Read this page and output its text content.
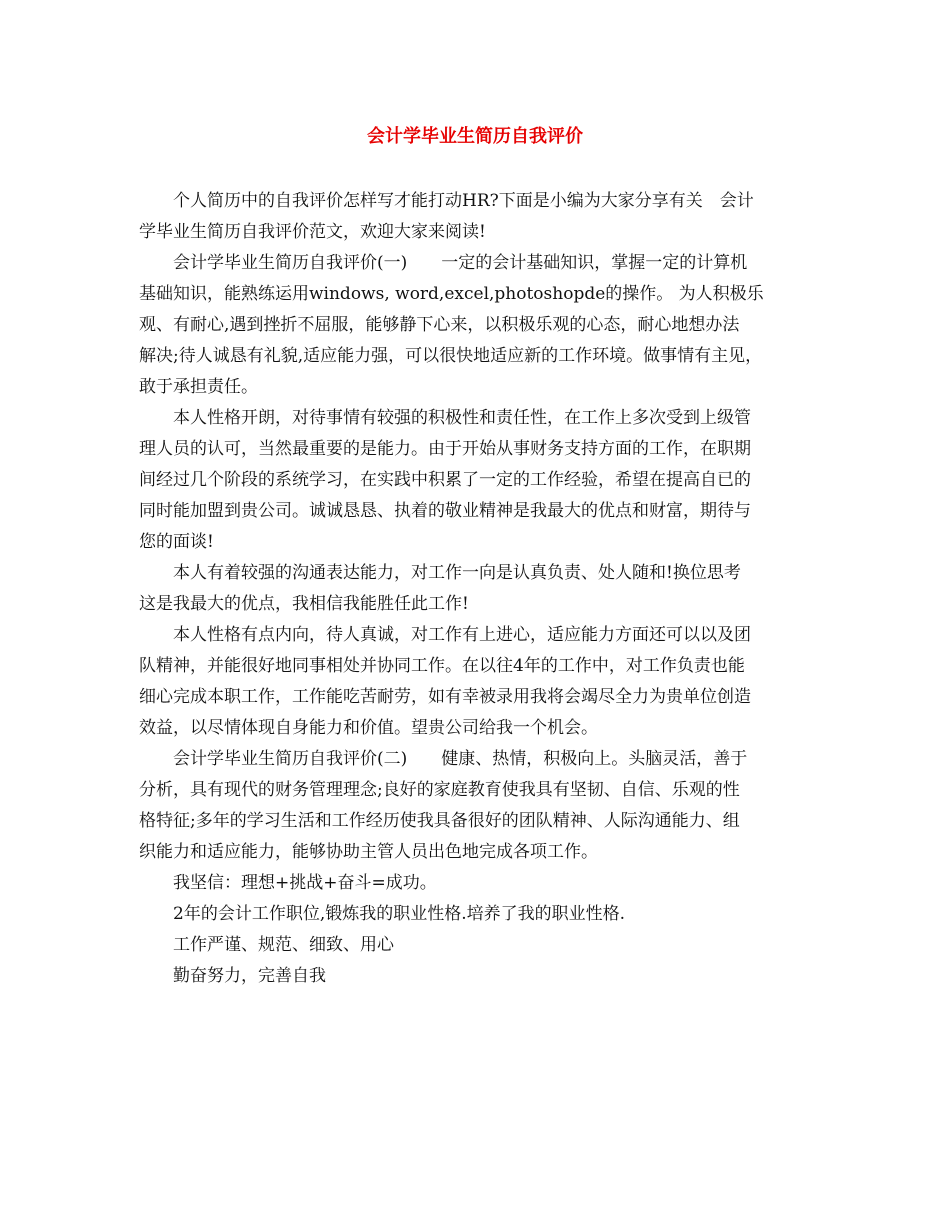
会计学毕业生简历自我评价

个人简历中的自我评价怎样写才能打动HR?下面是小编为大家分享有关　会计
学毕业生简历自我评价范文，欢迎大家来阅读!

会计学毕业生简历自我评价(一)　　一定的会计基础知识，掌握一定的计算机
基础知识，能熟练运用windows, word,excel,photoshopde的操作。 为人积极乐
观、有耐心,遇到挫折不屈服，能够静下心来，以积极乐观的心态，耐心地想办法
解决;待人诚恳有礼貌,适应能力强，可以很快地适应新的工作环境。做事情有主见，
敢于承担责任。

本人性格开朗，对待事情有较强的积极性和责任性，在工作上多次受到上级管
理人员的认可，当然最重要的是能力。由于开始从事财务支持方面的工作，在职期
间经过几个阶段的系统学习，在实践中积累了一定的工作经验，希望在提高自已的
同时能加盟到贵公司。诚诚恳恳、执着的敬业精神是我最大的优点和财富，期待与
您的面谈!

本人有着较强的沟通表达能力，对工作一向是认真负责、处人随和!换位思考
这是我最大的优点，我相信我能胜任此工作!

本人性格有点内向，待人真诚，对工作有上进心，适应能力方面还可以以及团
队精神，并能很好地同事相处并协同工作。在以往4年的工作中，对工作负责也能
细心完成本职工作，工作能吃苦耐劳，如有幸被录用我将会竭尽全力为贵单位创造
效益，以尽情体现自身能力和价值。望贵公司给我一个机会。

会计学毕业生简历自我评价(二)　　健康、热情，积极向上。头脑灵活，善于
分析，具有现代的财务管理理念;良好的家庭教育使我具有坚韧、自信、乐观的性
格特征;多年的学习生活和工作经历使我具备很好的团队精神、人际沟通能力、组
织能力和适应能力，能够协助主管人员出色地完成各项工作。

我坚信：理想+挑战+奋斗=成功。

2年的会计工作职位,锻炼我的职业性格.培养了我的职业性格.

工作严谨、规范、细致、用心

勤奋努力，完善自我
